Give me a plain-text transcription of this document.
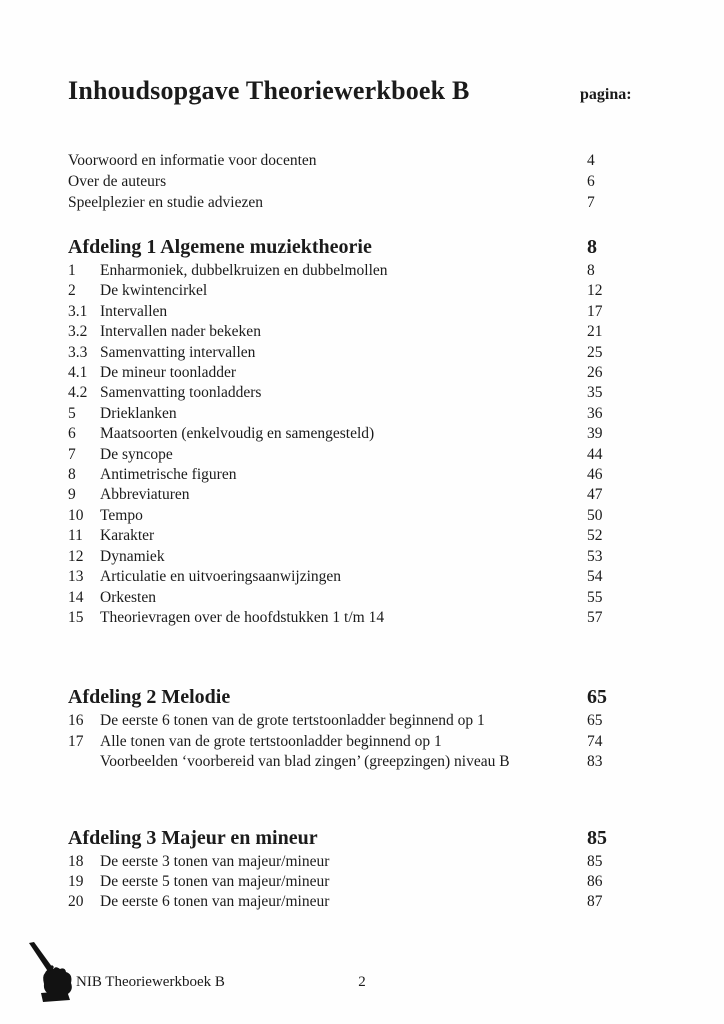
Inhoudsopgave Theoriewerkboek B	pagina:
Voorwoord en informatie voor docenten	4
Over de auteurs	6
Speelplezier en studie adviezen	7
Afdeling 1 Algemene muziektheorie	8
1	Enharmoniek, dubbelkruizen en dubbelmollen	8
2	De kwintencirkel	12
3.1 Intervallen	17
3.2 Intervallen nader bekeken	21
3.3 Samenvatting intervallen	25
4.1 De mineur toonladder	26
4.2 Samenvatting toonladders	35
5	Drieklanken	36
6	Maatsoorten (enkelvoudig en samengesteld)	39
7	De syncope	44
8	Antimetrische figuren	46
9	Abbreviaturen	47
10	Tempo	50
11	Karakter	52
12	Dynamiek	53
13	Articulatie en uitvoeringsaanwijzingen	54
14	Orkesten	55
15	Theorievragen over de hoofdstukken 1 t/m 14	57
Afdeling 2 Melodie	65
16	De eerste 6 tonen van de grote tertstoonladder beginnend op 1	65
17	Alle tonen van de grote tertstoonladder beginnend op 1	74
Voorbeelden ‘voorbereid van blad zingen’ (greepzingen) niveau B	83
Afdeling 3 Majeur en mineur	85
18	De eerste 3 tonen van majeur/mineur	85
19	De eerste 5 tonen van majeur/mineur	86
20	De eerste 6 tonen van majeur/mineur	87
NIB Theoriewerkboek B	2
